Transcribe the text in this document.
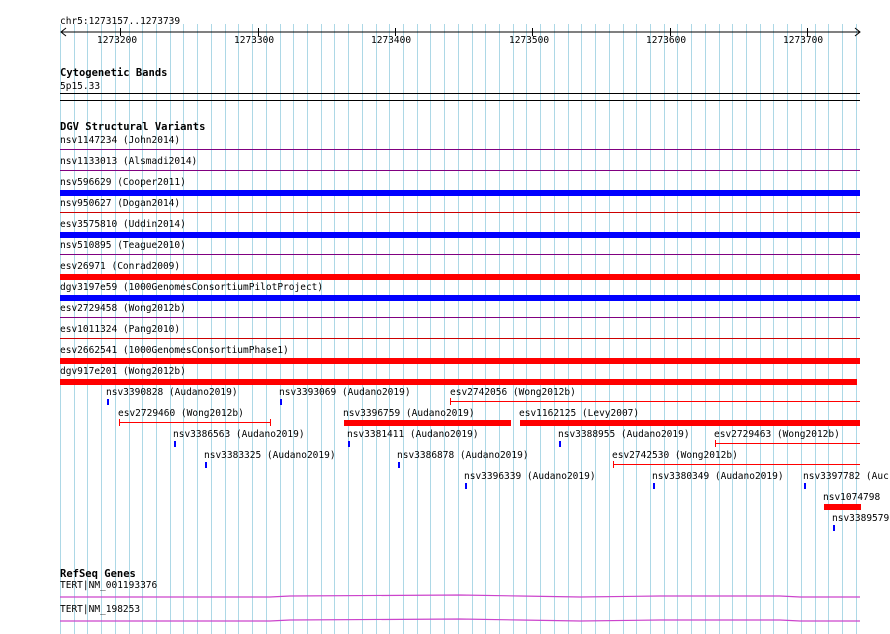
chr5:1273157..1273739
1273200	1273300	1273400	1273500	1273600	1273700
Cytogenetic Bands
5p15.33
DGV Structural Variants
nsv1147234 (John2014)
nsv1133013 (Alsmadi2014)
nsv596629 (Cooper2011)
nsv950627 (Dogan2014)
esv3575810 (Uddin2014)
nsv510895 (Teague2010)
esv26971 (Conrad2009)
dgv3197e59 (1000GenomesConsortiumPilotProject)
esv2729458 (Wong2012b)
esv1011324 (Pang2010)
esv2662541 (1000GenomesConsortiumPhase1)
dgv917e201 (Wong2012b)
nsv3390828 (Audano2019)	nsv3393069 (Audano2019)	esv2742056 (Wong2012b)
esv2729460 (Wong2012b)	nsv3396759 (Audano2019)	esv1162125 (Levy2007)
nsv3386563 (Audano2019)	nsv3381411 (Audano2019)	nsv3388955 (Audano2019)	esv2729463 (Wong2012b)
nsv3383325 (Audano2019)	nsv3386878 (Audano2019)	esv2742530 (Wong2012b)
nsv3396339 (Audano2019)	nsv3380349 (Audano2019) nsv3397782 (Auc
nsv1074798
nsv3389579
RefSeq Genes
TERT|NM_001193376
TERT|NM_198253
